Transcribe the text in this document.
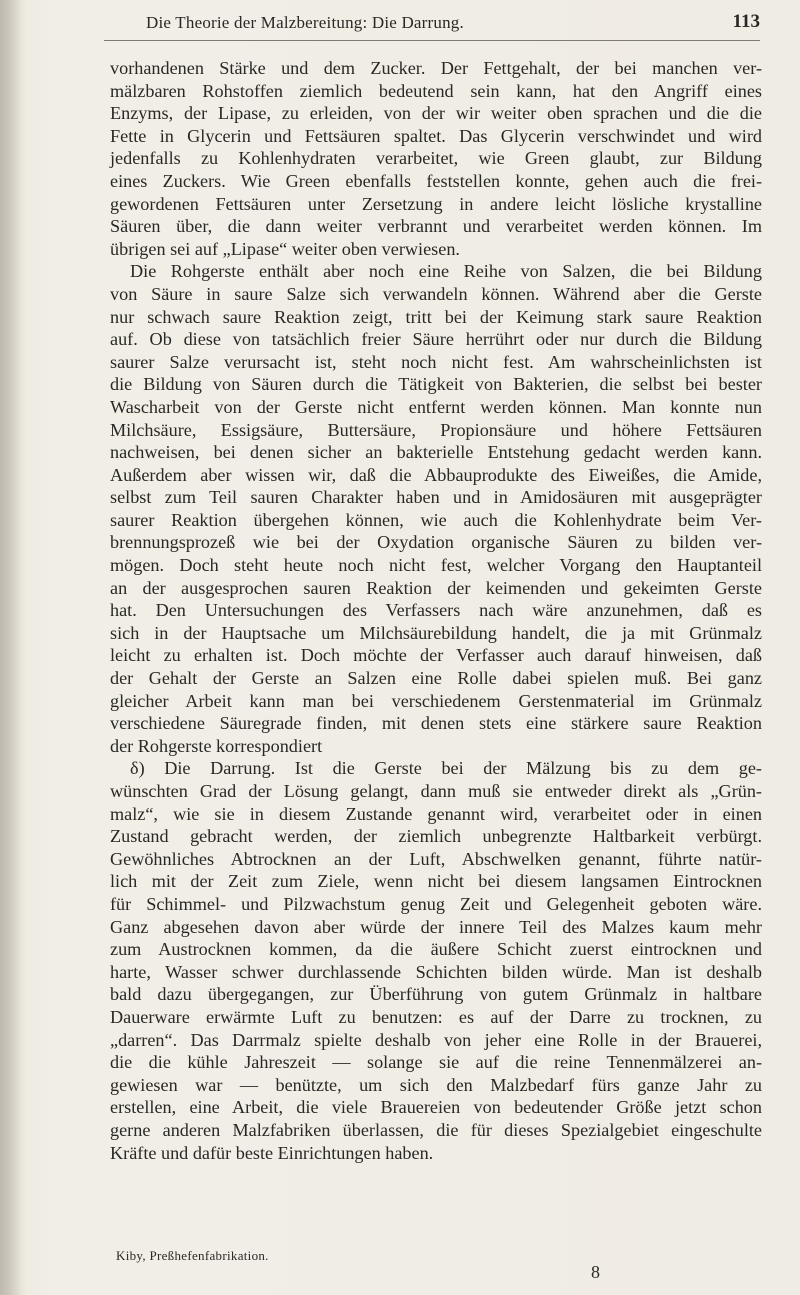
Die Theorie der Malzbereitung: Die Darrung.	113
vorhandenen Stärke und dem Zucker. Der Fettgehalt, der bei manchen ver-
mälzbaren Rohstoffen ziemlich bedeutend sein kann, hat den Angriff eines
Enzyms, der Lipase, zu erleiden, von der wir weiter oben sprachen und die die
Fette in Glycerin und Fettsäuren spaltet. Das Glycerin verschwindet und wird
jedenfalls zu Kohlenhydraten verarbeitet, wie Green glaubt, zur Bildung
eines Zuckers. Wie Green ebenfalls feststellen konnte, gehen auch die frei-
gewordenen Fettsäuren unter Zersetzung in andere leicht lösliche krystalline
Säuren über, die dann weiter verbrannt und verarbeitet werden können. Im
übrigen sei auf „Lipase“ weiter oben verwiesen.
Die Rohgerste enthält aber noch eine Reihe von Salzen, die bei Bildung
von Säure in saure Salze sich verwandeln können. Während aber die Gerste
nur schwach saure Reaktion zeigt, tritt bei der Keimung stark saure Reaktion
auf. Ob diese von tatsächlich freier Säure herrührt oder nur durch die Bildung
saurer Salze verursacht ist, steht noch nicht fest. Am wahrscheinlichsten ist
die Bildung von Säuren durch die Tätigkeit von Bakterien, die selbst bei bester
Wascharbeit von der Gerste nicht entfernt werden können. Man konnte nun
Milchsäure, Essigsäure, Buttersäure, Propionsäure und höhere Fettsäuren
nachweisen, bei denen sicher an bakterielle Entstehung gedacht werden kann.
Außerdem aber wissen wir, daß die Abbauprodukte des Eiweißes, die Amide,
selbst zum Teil sauren Charakter haben und in Amidosäuren mit ausgeprägter
saurer Reaktion übergehen können, wie auch die Kohlenhydrate beim Ver-
brennungsprozeß wie bei der Oxydation organische Säuren zu bilden ver-
mögen. Doch steht heute noch nicht fest, welcher Vorgang den Hauptanteil
an der ausgesprochen sauren Reaktion der keimenden und gekeimten Gerste
hat. Den Untersuchungen des Verfassers nach wäre anzunehmen, daß es
sich in der Hauptsache um Milchsäurebildung handelt, die ja mit Grünmalz
leicht zu erhalten ist. Doch möchte der Verfasser auch darauf hinweisen, daß
der Gehalt der Gerste an Salzen eine Rolle dabei spielen muß. Bei ganz
gleicher Arbeit kann man bei verschiedenem Gerstenmaterial im Grünmalz
verschiedene Säuregrade finden, mit denen stets eine stärkere saure Reaktion
der Rohgerste korrespondiert
δ) Die Darrung. Ist die Gerste bei der Mälzung bis zu dem ge-
wünschten Grad der Lösung gelangt, dann muß sie entweder direkt als „Grün-
malz“, wie sie in diesem Zustande genannt wird, verarbeitet oder in einen
Zustand gebracht werden, der ziemlich unbegrenzte Haltbarkeit verbürgt.
Gewöhnliches Abtrocknen an der Luft, Abschwelken genannt, führte natür-
lich mit der Zeit zum Ziele, wenn nicht bei diesem langsamen Eintrocknen
für Schimmel- und Pilzwachstum genug Zeit und Gelegenheit geboten wäre.
Ganz abgesehen davon aber würde der innere Teil des Malzes kaum mehr
zum Austrocknen kommen, da die äußere Schicht zuerst eintrocknen und
harte, Wasser schwer durchlassende Schichten bilden würde. Man ist deshalb
bald dazu übergegangen, zur Überführung von gutem Grünmalz in haltbare
Dauerware erwärmte Luft zu benutzen: es auf der Darre zu trocknen, zu
„darren“. Das Darrmalz spielte deshalb von jeher eine Rolle in der Brauerei,
die die kühle Jahreszeit — solange sie auf die reine Tennenmälzerei an-
gewiesen war — benützte, um sich den Malzbedarf fürs ganze Jahr zu
erstellen, eine Arbeit, die viele Brauereien von bedeutender Größe jetzt schon
gerne anderen Malzfabriken überlassen, die für dieses Spezialgebiet eingeschulte
Kräfte und dafür beste Einrichtungen haben.
Kiby, Preßhefenfabrikation.
8
